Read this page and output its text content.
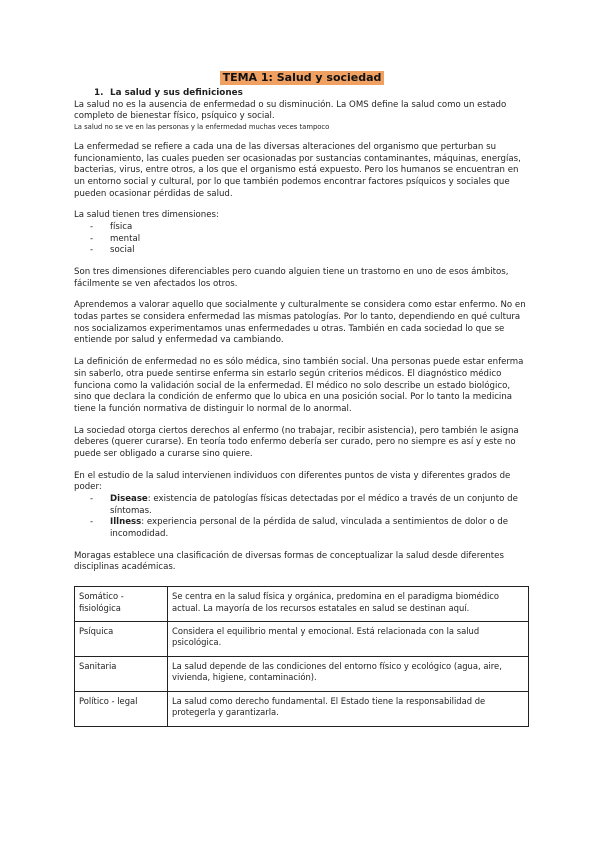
TEMA 1: Salud y sociedad
1. La salud y sus definiciones

La salud no es la ausencia de enfermedad o su disminución. La OMS define la salud como un estado completo de bienestar físico, psíquico y social.

La salud no se ve en las personas y la enfermedad muchas veces tampoco

La enfermedad se refiere a cada una de las diversas alteraciones del organismo que perturban su funcionamiento, las cuales pueden ser ocasionadas por sustancias contaminantes, máquinas, energías, bacterias, virus, entre otros, a los que el organismo está expuesto. Pero los humanos se encuentran en un entorno social y cultural, por lo que también podemos encontrar factores psíquicos y sociales que pueden ocasionar pérdidas de salud.

La salud tienen tres dimensiones:

- física
- mental
- social

Son tres dimensiones diferenciables pero cuando alguien tiene un trastorno en uno de esos ámbitos, fácilmente se ven afectados los otros.

Aprendemos a valorar aquello que socialmente y culturalmente se considera como estar enfermo. No en todas partes se considera enfermedad las mismas patologías. Por lo tanto, dependiendo en qué cultura nos socializamos experimentamos unas enfermedades u otras. También en cada sociedad lo que se entiende por salud y enfermedad va cambiando.

La definición de enfermedad no es sólo médica, sino también social. Una personas puede estar enferma sin saberlo, otra puede sentirse enferma sin estarlo según criterios médicos. El diagnóstico médico funciona como la validación social de la enfermedad. El médico no solo describe un estado biológico, sino que declara la condición de enfermo que lo ubica en una posición social. Por lo tanto la medicina tiene la función normativa de distinguir lo normal de lo anormal.

La sociedad otorga ciertos derechos al enfermo (no trabajar, recibir asistencia), pero también le asigna deberes (querer curarse). En teoría todo enfermo debería ser curado, pero no siempre es así y este no puede ser obligado a curarse sino quiere.

En el estudio de la salud intervienen individuos con diferentes puntos de vista y diferentes grados de poder:

- Disease: existencia de patologías físicas detectadas por el médico a través de un conjunto de síntomas.
- Illness: experiencia personal de la pérdida de salud, vinculada a sentimientos de dolor o de incomodidad.

Moragas establece una clasificación de diversas formas de conceptualizar la salud desde diferentes disciplinas académicas.

Somático - fisiológica	Se centra en la salud física y orgánica, predomina en el paradigma biomédico actual. La mayoría de los recursos estatales en salud se destinan aquí.
Psíquica	Considera el equilibrio mental y emocional. Está relacionada con la salud psicológica.
Sanitaria	La salud depende de las condiciones del entorno físico y ecológico (agua, aire, vivienda, higiene, contaminación).
Político - legal	La salud como derecho fundamental. El Estado tiene la responsabilidad de protegerla y garantizarla.
